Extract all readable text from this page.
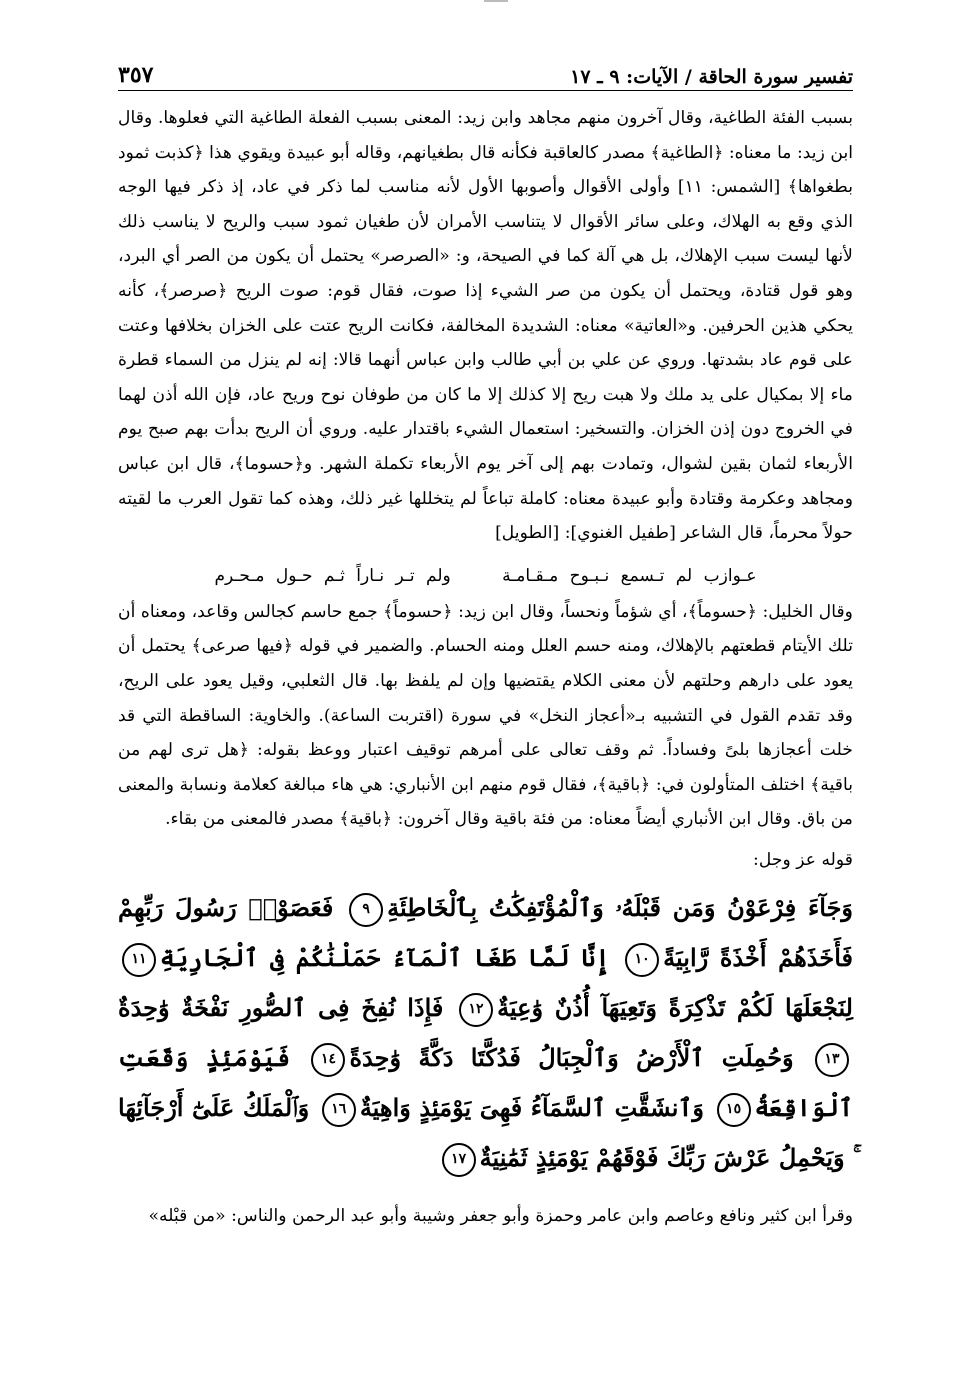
تفسير سورة الحاقة / الآيات: ٩ ـ ١٧
٣٥٧

بسبب الفئة الطاغية، وقال آخرون منهم مجاهد وابن زيد: المعنى بسبب الفعلة الطاغية التي فعلوها. وقال ابن زيد: ما معناه: ﴿الطاغية﴾ مصدر كالعاقبة فكأنه قال بطغيانهم، وقاله أبو عبيدة ويقوي هذا ﴿كذبت ثمود بطغواها﴾ [الشمس: ١١] وأولى الأقوال وأصوبها الأول لأنه مناسب لما ذكر في عاد، إذ ذكر فيها الوجه الذي وقع به الهلاك، وعلى سائر الأقوال لا يتناسب الأمران لأن طغيان ثمود سبب والريح لا يناسب ذلك لأنها ليست سبب الإهلاك، بل هي آلة كما في الصيحة، و: «الصرصر» يحتمل أن يكون من الصر أي البرد، وهو قول قتادة، ويحتمل أن يكون من صر الشيء إذا صوت، فقال قوم: صوت الريح ﴿صرصر﴾، كأنه يحكي هذين الحرفين. و«العاتية» معناه: الشديدة المخالفة، فكانت الريح عتت على الخزان بخلافها وعتت على قوم عاد بشدتها. وروي عن علي بن أبي طالب وابن عباس أنهما قالا: إنه لم ينزل من السماء قطرة ماء إلا بمكيال على يد ملك ولا هبت ريح إلا كذلك إلا ما كان من طوفان نوح وريح عاد، فإن الله أذن لهما في الخروج دون إذن الخزان. والتسخير: استعمال الشيء باقتدار عليه. وروي أن الريح بدأت بهم صبح يوم الأربعاء لثمان بقين لشوال، وتمادت بهم إلى آخر يوم الأربعاء تكملة الشهر. و﴿حسوما﴾، قال ابن عباس ومجاهد وعكرمة وقتادة وأبو عبيدة معناه: كاملة تباعاً لم يتخللها غير ذلك، وهذه كما تقول العرب ما لقيته حولاً محرماً، قال الشاعر [طفيل الغنوي]: [الطويل]

عـوازب لم تـسمع نـبـوح مـقـامـة ولم تـر نـاراً ثـم حـول مـحـرم

وقال الخليل: ﴿حسوماً﴾، أي شؤماً ونحساً، وقال ابن زيد: ﴿حسوماً﴾ جمع حاسم كجالس وقاعد، ومعناه أن تلك الأيتام قطعتهم بالإهلاك، ومنه حسم العلل ومنه الحسام. والضمير في قوله ﴿فيها صرعى﴾ يحتمل أن يعود على دارهم وحلتهم لأن معنى الكلام يقتضيها وإن لم يلفظ بها. قال الثعلبي، وقيل يعود على الريح، وقد تقدم القول في التشبيه بـ«أعجاز النخل» في سورة (اقتربت الساعة). والخاوية: الساقطة التي قد خلت أعجازها بلىً وفساداً. ثم وقف تعالى على أمرهم توقيف اعتبار ووعظ بقوله: ﴿هل ترى لهم من باقية﴾ اختلف المتأولون في: ﴿باقية﴾، فقال قوم منهم ابن الأنباري: هي هاء مبالغة كعلامة ونسابة والمعنى من باق. وقال ابن الأنباري أيضاً معناه: من فئة باقية وقال آخرون: ﴿باقية﴾ مصدر فالمعنى من بقاء.

قوله عز وجل:

وَجَآءَ فِرْعَوْنُ وَمَن قَبْلَهُۥ وَٱلْمُؤْتَفِكَٰتُ بِٱلْخَاطِئَةِ٩ فَعَصَوْا۟ رَسُولَ رَبِّهِمْ فَأَخَذَهُمْ أَخْذَةً رَّابِيَةً١٠ إِنَّا لَمَّا طَغَا ٱلْمَآءُ حَمَلْنَٰكُمْ فِى ٱلْجَارِيَةِ١١ لِنَجْعَلَهَا لَكُمْ تَذْكِرَةً وَتَعِيَهَآ أُذُنٌ وَٰعِيَةٌ١٢ فَإِذَا نُفِخَ فِى ٱلصُّورِ نَفْخَةٌ وَٰحِدَةٌ١٣ وَحُمِلَتِ ٱلْأَرْضُ وَٱلْجِبَالُ فَدُكَّتَا دَكَّةً وَٰحِدَةً١٤ فَيَوْمَئِذٍ وَقَعَتِ ٱلْوَاقِعَةُ١٥ وَٱنشَقَّتِ ٱلسَّمَآءُ فَهِىَ يَوْمَئِذٍ وَاهِيَةٌ١٦ وَٱلْمَلَكُ عَلَىٰٓ أَرْجَآئِهَا ۚ وَيَحْمِلُ عَرْشَ رَبِّكَ فَوْقَهُمْ يَوْمَئِذٍ ثَمَٰنِيَةٌ١٧
وقرأ ابن كثير ونافع وعاصم وابن عامر وحمزة وأبو جعفر وشيبة وأبو عبد الرحمن والناس: «من قبْله»
